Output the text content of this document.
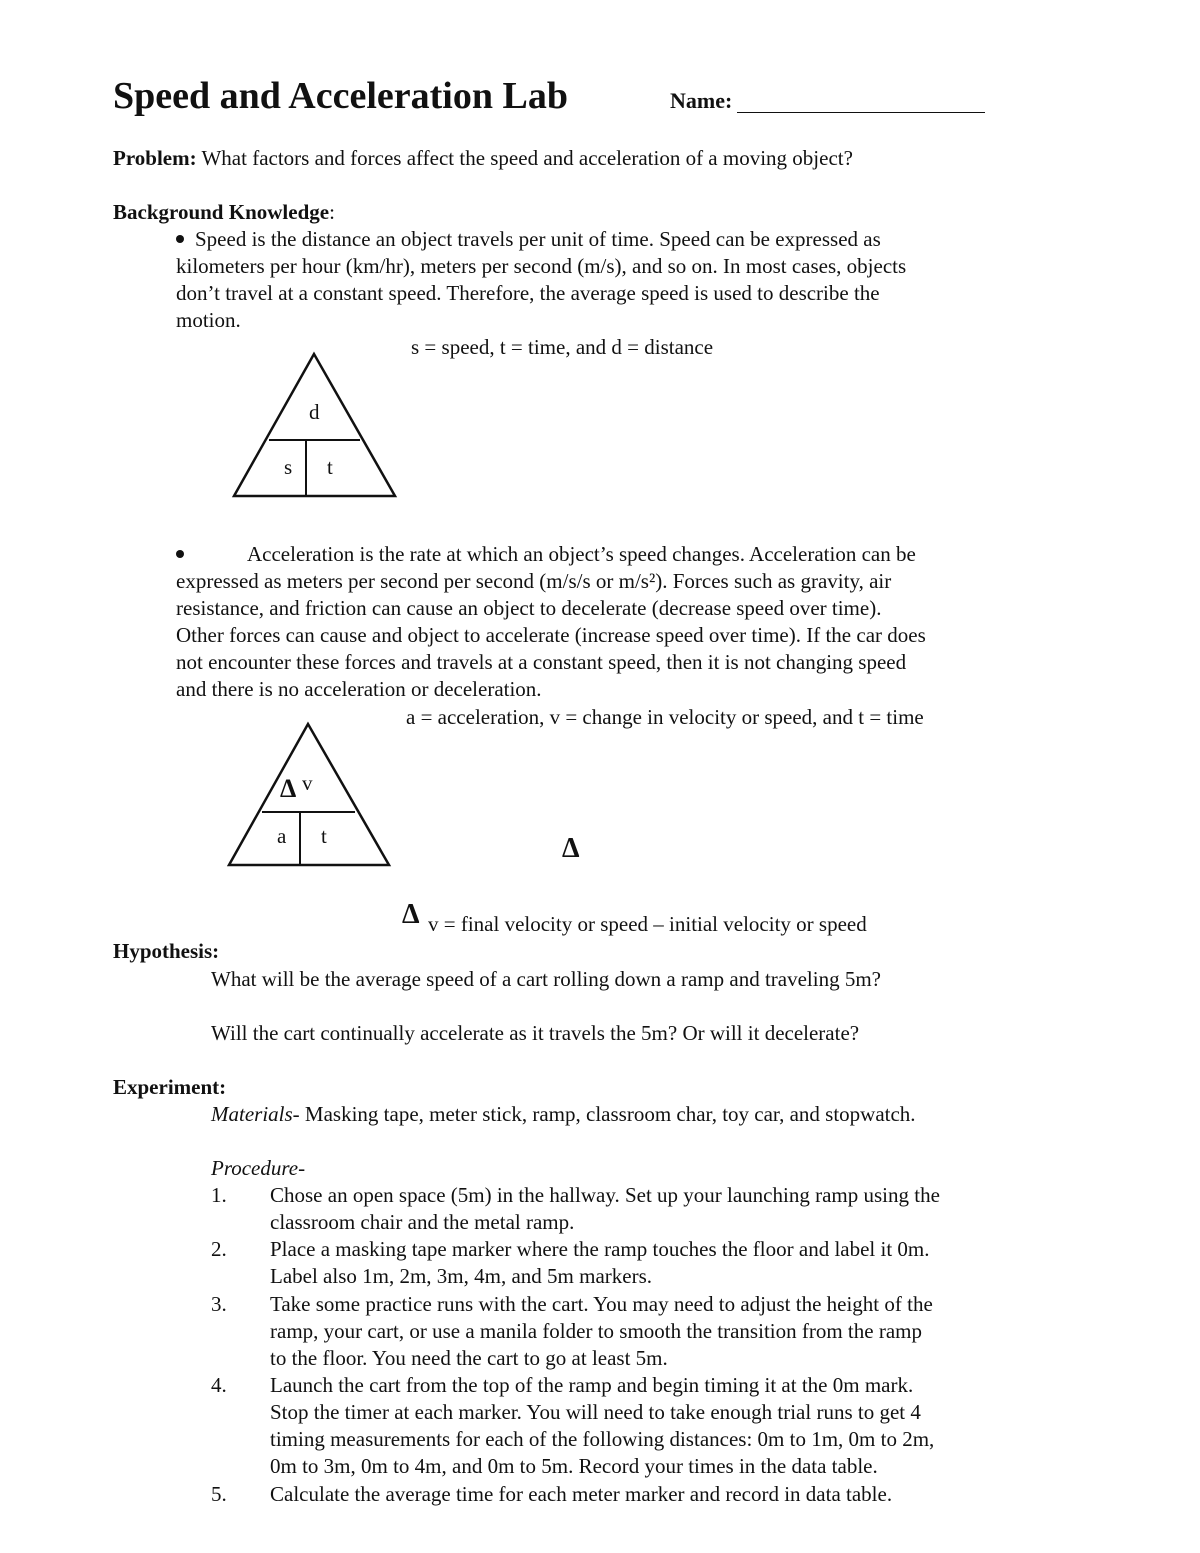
Speed and Acceleration Lab	Name:
Problem: What factors and forces affect the speed and acceleration of a moving object?
Background Knowledge:
Speed is the distance an object travels per unit of time. Speed can be expressed as
kilometers per hour (km/hr), meters per second (m/s), and so on. In most cases, objects
don’t travel at a constant speed. Therefore, the average speed is used to describe the
motion.
s = speed, t = time, and d = distance
d
s t
Δ v
a t
Acceleration is the rate at which an object’s speed changes. Acceleration can be
expressed as meters per second per second (m/s/s or m/s²). Forces such as gravity, air
resistance, and friction can cause an object to decelerate (decrease speed over time).
Other forces can cause and object to accelerate (increase speed over time). If the car does
not encounter these forces and travels at a constant speed, then it is not changing speed
and there is no acceleration or deceleration.
a = acceleration, v = change in velocity or speed, and t = time
Δ
Δ v = final velocity or speed – initial velocity or speed
Hypothesis:
What will be the average speed of a cart rolling down a ramp and traveling 5m?
Will the cart continually accelerate as it travels the 5m? Or will it decelerate?
Experiment:
Materials- Masking tape, meter stick, ramp, classroom char, toy car, and stopwatch.
Procedure-
1. Chose an open space (5m) in the hallway. Set up your launching ramp using the
classroom chair and the metal ramp.
2. Place a masking tape marker where the ramp touches the floor and label it 0m.
Label also 1m, 2m, 3m, 4m, and 5m markers.
3. Take some practice runs with the cart. You may need to adjust the height of the
ramp, your cart, or use a manila folder to smooth the transition from the ramp
to the floor. You need the cart to go at least 5m.
4. Launch the cart from the top of the ramp and begin timing it at the 0m mark.
Stop the timer at each marker. You will need to take enough trial runs to get 4
timing measurements for each of the following distances: 0m to 1m, 0m to 2m,
0m to 3m, 0m to 4m, and 0m to 5m. Record your times in the data table.
5. Calculate the average time for each meter marker and record in data table.
